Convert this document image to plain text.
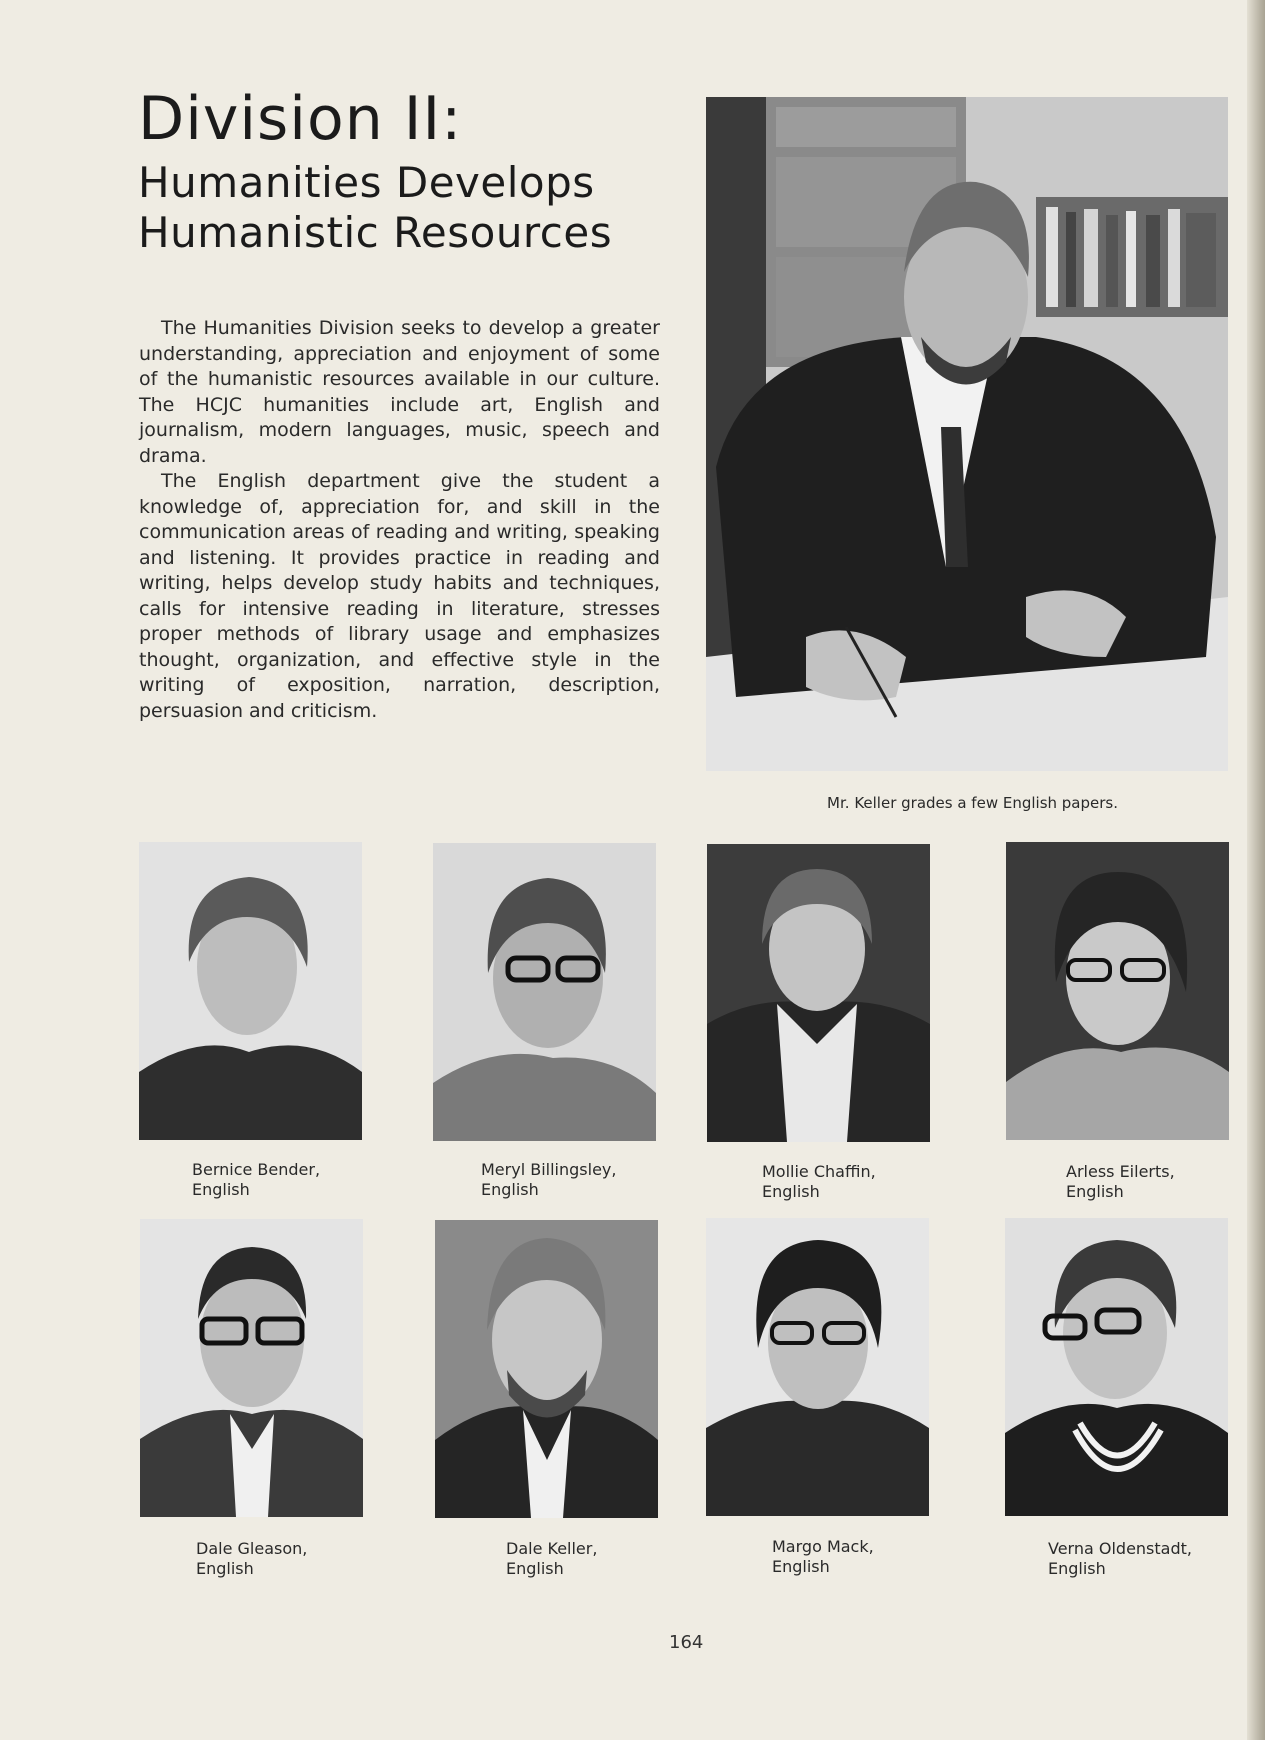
Division II:
Humanities Develops
Humanistic Resources

The Humanities Division seeks to develop a greater understanding, appreciation and enjoyment of some of the humanistic resources available in our culture. The HCJC humanities include art, English and journalism, modern languages, music, speech and drama.

The English department give the student a knowledge of, appreciation for, and skill in the communication areas of reading and writing, speaking and listening. It provides practice in reading and writing, helps develop study habits and techniques, calls for intensive reading in literature, stresses proper methods of library usage and emphasizes thought, organization, and effective style in the writing of exposition, narration, description, persuasion and criticism.

Mr. Keller grades a few English papers.
Bernice Bender,
English
Meryl Billingsley,
English
Mollie Chaffin,
English
Arless Eilerts,
English
Dale Gleason,
English
Dale Keller,
English
Margo Mack,
English
Verna Oldenstadt,
English
164
